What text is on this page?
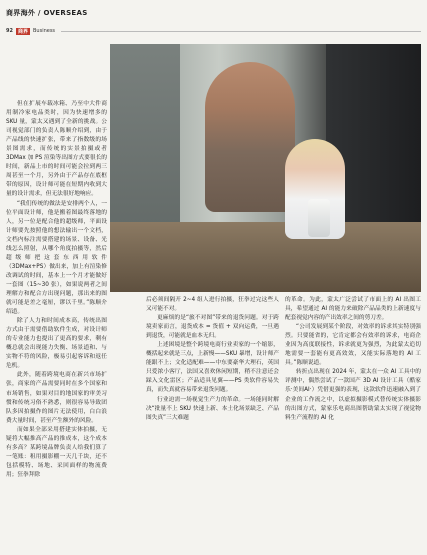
商界海外 / OVERSEAS
92	商界	Business

但在扩展车载冰箱、乃至中大件商用制冷家电品类时，因为快速增多的 SKU 量，蒙太又遇到了全新的挑战。公司视觉部门的负责人陈顺介绍到，由于产品线的快速扩张，带来了指数级的场景图需求，而传统的实景拍摄或者 3DMax 加 PS 渲染等出图方式要很长的时间，新品上市的时间可能会拉到两三周甚至一个月，另外由于产品存在底框带的原因，设计师可能在短期内收到大量的设计需求，但无法很好地响应。

“我们传统的做法是安排两个人，一位平面设计师，他是搬着图最终落地的人，另一位是配合他的超级师，平面设计师要先按照他的想法输出一个文档，文档内标注需要搭建的场景、设备、光线怎么照射，从哪个角度拍摄等，然后超级师把这套东西用软件（3DMax+PS）做出来，加上有渲染修改调试的时间，基本上一个月才能做好一套图（15~30 张），如果说两者之间理解方和配合方出现问题，那出来的图就可能是差之毫厘，谬以千里。”陈顺介绍道。

除了人力和时间成本高，传统出图方式由于需要借助软件生成，对设计师的专业能力也提出了更高的要求，剩有概总就会出现能力失衡、场景道和、与实物不符的风险，极易引起客诉和返任危机。

此外，随着跨境电商在新兴市场扩张，商家的产品需要同时在多个国家和市场销售，如果对目的地国家的审美习惯和传统习俗不熟悉，则很容易导致团队多因拍摄作的图片无法使用，白白浪费大量时间，甚至产生额外的风险。

而如果全部采用搭建实体拍摄，无疑将大幅推高产品的推成本，这个成本有多高？某跨境品牌负责人给我们算了一笔账：租用摄影棚一天几千块，还不包括模特、场地、采回面样的物流费用；狂拳拜除

后必须间隔开 2~4 组人进行拍摄，狂拳过完这些人又可能不对。

更麻烦的是“旅不对图”带来的退货问题。对于跨境卖家而言，退货成本 = 货值 + 双向运费，一旦遇到退货，可能就是血本无归。

上述困境是整个跨境电商行业卖家的一个缩影，概括起来就是三点，上新慢——SKU 暴增，设计师产能跟不上；文化适配难——中东要豪华大理石，英国只爱浓小客厅，法国又喜欢休闲短期，稍不注意还会踩入文化雷区；产品适具见翼——PS 类软件容易失真，而失真就容易带来退货问题。

行业迫需一场视觉生产力的革命。一场能同时解决“批量不上 SKU 快速上新、本土化场景缺乏、产品图失真”三大难题

的革命。为此，蒙太广泛尝试了市面上的 AI 出图工具，希望通过 AI 的能力来破除产品品类的上新速度与配套视觉内容的产出效率之间的剪刀差。

“公司发展到某个阶段，对效率的诉求其实特别强烈。只要能省的，它肯定都会有效率的诉求，电商企业因为高度联接性，诉求就更为强烈，为此蒙太追切地需要一套能有更高效效，又能实际落地的 AI 工具。”陈顺说道。

转折点出现在 2024 年，蒙太在一众 AI 工具中的评测中，偶然尝试了一款国产 3D AI 设计工具（酷家乐·美间AI·）凭借更强的表现，这款软件迅速融入到了企业的工作流之中，以虚拟摄影模式替传统实体摄影的出图方式，蒙家乐电商出图帮助蒙太实现了视觉物料生产流程的 AI 化
